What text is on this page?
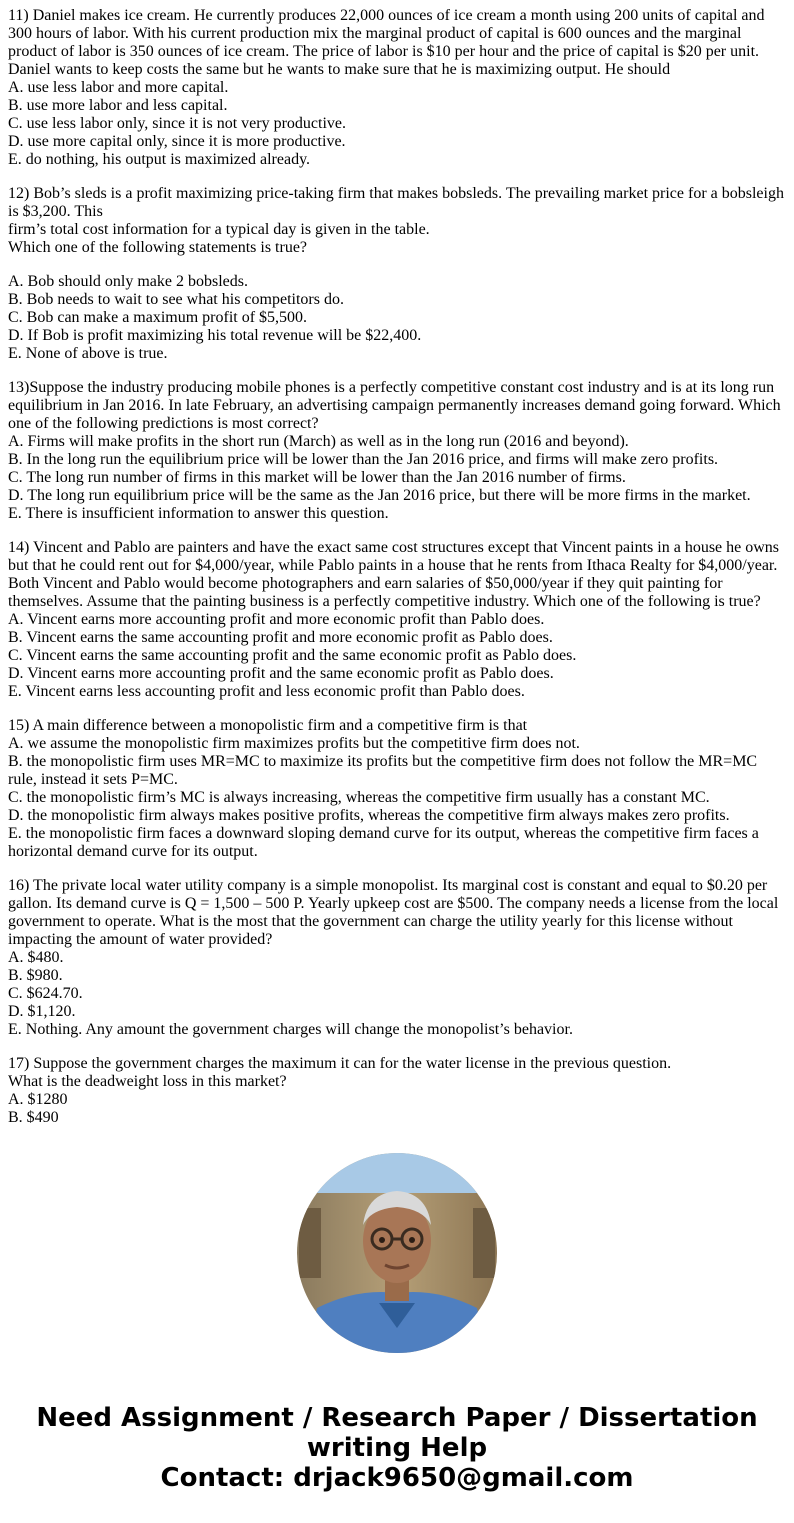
11) Daniel makes ice cream. He currently produces 22,000 ounces of ice cream a month using 200 units of capital and 300 hours of labor. With his current production mix the marginal product of capital is 600 ounces and the marginal product of labor is 350 ounces of ice cream. The price of labor is $10 per hour and the price of capital is $20 per unit. Daniel wants to keep costs the same but he wants to make sure that he is maximizing output. He should
A. use less labor and more capital.
B. use more labor and less capital.
C. use less labor only, since it is not very productive.
D. use more capital only, since it is more productive.
E. do nothing, his output is maximized already.
12) Bob’s sleds is a profit maximizing price-taking firm that makes bobsleds. The prevailing market price for a bobsleigh is $3,200. This
firm’s total cost information for a typical day is given in the table.
Which one of the following statements is true?
A. Bob should only make 2 bobsleds.
B. Bob needs to wait to see what his competitors do.
C. Bob can make a maximum profit of $5,500.
D. If Bob is profit maximizing his total revenue will be $22,400.
E. None of above is true.
13)Suppose the industry producing mobile phones is a perfectly competitive constant cost industry and is at its long run equilibrium in Jan 2016. In late February, an advertising campaign permanently increases demand going forward. Which one of the following predictions is most correct?
A. Firms will make profits in the short run (March) as well as in the long run (2016 and beyond).
B. In the long run the equilibrium price will be lower than the Jan 2016 price, and firms will make zero profits.
C. The long run number of firms in this market will be lower than the Jan 2016 number of firms.
D. The long run equilibrium price will be the same as the Jan 2016 price, but there will be more firms in the market.
E. There is insufficient information to answer this question.
14) Vincent and Pablo are painters and have the exact same cost structures except that Vincent paints in a house he owns but that he could rent out for $4,000/year, while Pablo paints in a house that he rents from Ithaca Realty for $4,000/year. Both Vincent and Pablo would become photographers and earn salaries of $50,000/year if they quit painting for themselves. Assume that the painting business is a perfectly competitive industry. Which one of the following is true?
A. Vincent earns more accounting profit and more economic profit than Pablo does.
B. Vincent earns the same accounting profit and more economic profit as Pablo does.
C. Vincent earns the same accounting profit and the same economic profit as Pablo does.
D. Vincent earns more accounting profit and the same economic profit as Pablo does.
E. Vincent earns less accounting profit and less economic profit than Pablo does.
15) A main difference between a monopolistic firm and a competitive firm is that
A. we assume the monopolistic firm maximizes profits but the competitive firm does not.
B. the monopolistic firm uses MR=MC to maximize its profits but the competitive firm does not follow the MR=MC rule, instead it sets P=MC.
C. the monopolistic firm’s MC is always increasing, whereas the competitive firm usually has a constant MC.
D. the monopolistic firm always makes positive profits, whereas the competitive firm always makes zero profits.
E. the monopolistic firm faces a downward sloping demand curve for its output, whereas the competitive firm faces a horizontal demand curve for its output.
16) The private local water utility company is a simple monopolist. Its marginal cost is constant and equal to $0.20 per gallon. Its demand curve is Q = 1,500 – 500 P. Yearly upkeep cost are $500. The company needs a license from the local government to operate. What is the most that the government can charge the utility yearly for this license without impacting the amount of water provided?
A. $480.
B. $980.
C. $624.70.
D. $1,120.
E. Nothing. Any amount the government charges will change the monopolist’s behavior.
17) Suppose the government charges the maximum it can for the water license in the previous question.
What is the deadweight loss in this market?
A. $1280
B. $490
Need Assignment / Research Paper / Dissertation
writing Help
Contact: drjack9650@gmail.com
